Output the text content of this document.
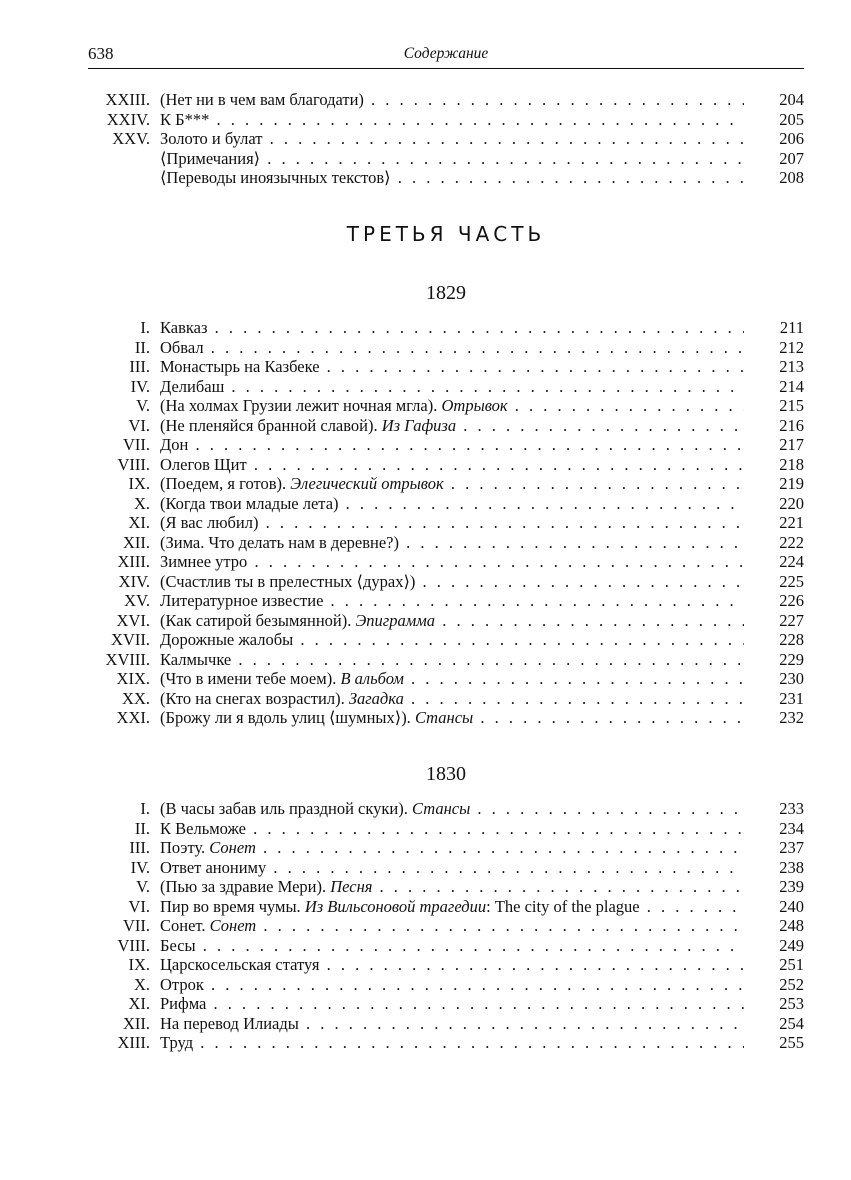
638	Содержание
XXIII. (Нет ни в чем вам благодати) . . .	204
XXIV. К Б*** . . .	205
XXV. Золото и булат . . .	206
⟨Примечания⟩ . . .	207
⟨Переводы иноязычных текстов⟩ . . .	208
ТРЕТЬЯ ЧАСТЬ
1829
I. Кавказ . . .	211
II. Обвал . . .	212
III. Монастырь на Казбеке . . .	213
IV. Делибаш . . .	214
V. (На холмах Грузии лежит ночная мгла). Отрывок . . .	215
VI. (Не пленяйся бранной славой). Из Гафиза . . .	216
VII. Дон . . .	217
VIII. Олегов Щит . . .	218
IX. (Поедем, я готов). Элегический отрывок . . .	219
X. (Когда твои младые лета) . . .	220
XI. (Я вас любил) . . .	221
XII. (Зима. Что делать нам в деревне?) . . .	222
XIII. Зимнее утро . . .	224
XIV. (Счастлив ты в прелестных ⟨дурах⟩) . . .	225
XV. Литературное известие . . .	226
XVI. (Как сатирой безымянной). Эпиграмма . . .	227
XVII. Дорожные жалобы . . .	228
XVIII. Калмычке . . .	229
XIX. (Что в имени тебе моем). В альбом . . .	230
XX. (Кто на снегах возрастил). Загадка . . .	231
XXI. (Брожу ли я вдоль улиц ⟨шумных⟩). Стансы . . .	232
1830
I. (В часы забав иль праздной скуки). Стансы . . .	233
II. К Вельможе . . .	234
III. Поэту. Сонет . . .	237
IV. Ответ анониму . . .	238
V. (Пью за здравие Мери). Песня . . .	239
VI. Пир во время чумы. Из Вильсоновой трагедии: The city of the plague . . .	240
VII. Сонет. Сонет . . .	248
VIII. Бесы . . .	249
IX. Царскосельская статуя . . .	251
X. Отрок . . .	252
XI. Рифма . . .	253
XII. На перевод Илиады . . .	254
XIII. Труд . . .	255
